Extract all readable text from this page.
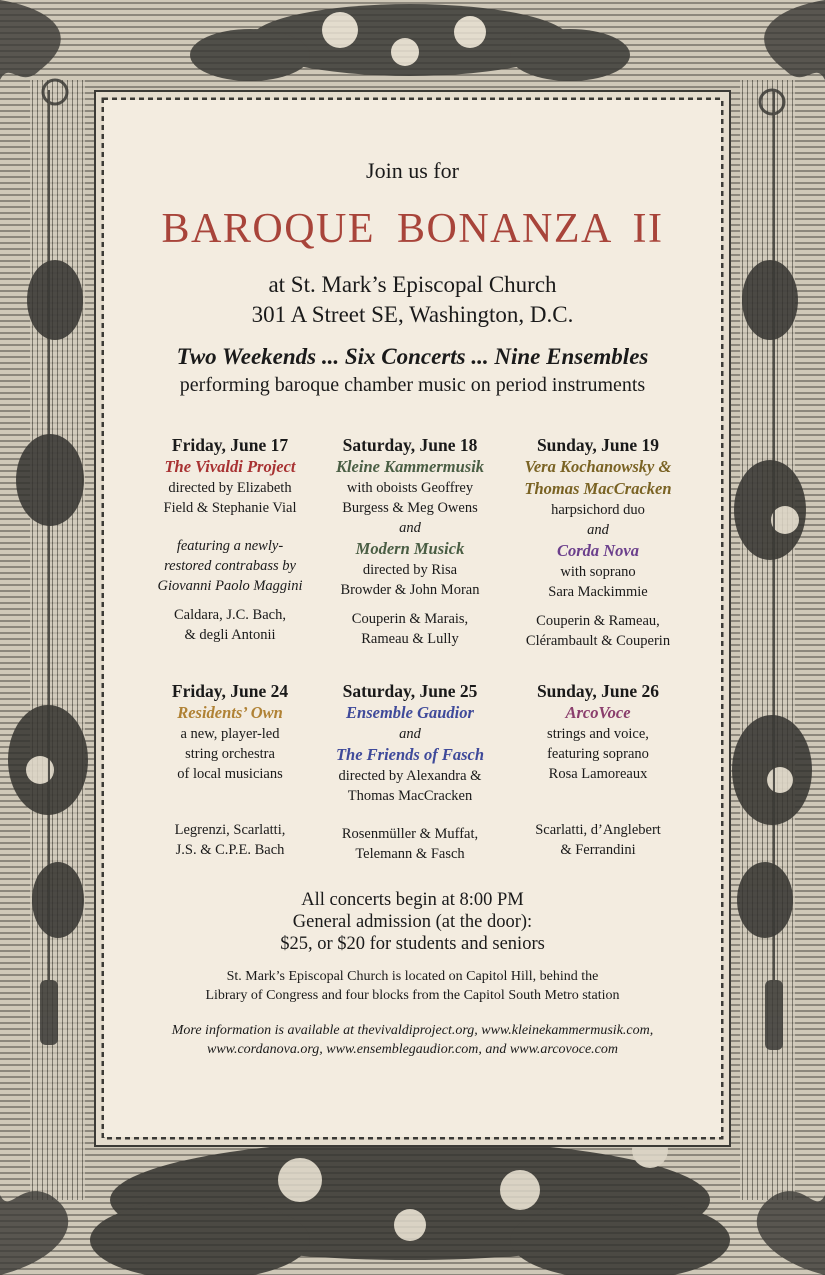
Join us for
BAROQUE BONANZA II
at St. Mark’s Episcopal Church
301 A Street SE, Washington, D.C.
Two Weekends ... Six Concerts ... Nine Ensembles
performing baroque chamber music on period instruments
Friday, June 17
The Vivaldi Project
directed by Elizabeth
Field & Stephanie Vial
featuring a newly-
restored contrabass by
Giovanni Paolo Maggini
Caldara, J.C. Bach,
& degli Antonii
Saturday, June 18
Kleine Kammermusik
with oboists Geoffrey
Burgess & Meg Owens
and
Modern Musick
directed by Risa
Browder & John Moran
Couperin & Marais,
Rameau & Lully
Sunday, June 19
Vera Kochanowsky &
Thomas MacCracken
harpsichord duo
and
Corda Nova
with soprano
Sara Mackimmie
Couperin & Rameau,
Clérambault & Couperin
Friday, June 24
Residents’ Own
a new, player-led
string orchestra
of local musicians
Legrenzi, Scarlatti,
J.S. & C.P.E. Bach
Saturday, June 25
Ensemble Gaudior
and
The Friends of Fasch
directed by Alexandra &
Thomas MacCracken
Rosenmüller & Muffat,
Telemann & Fasch
Sunday, June 26
ArcoVoce
strings and voice,
featuring soprano
Rosa Lamoreaux
Scarlatti, d’Anglebert
& Ferrandini
All concerts begin at 8:00 PM
General admission (at the door):
$25, or $20 for students and seniors
St. Mark’s Episcopal Church is located on Capitol Hill, behind the
Library of Congress and four blocks from the Capitol South Metro station
More information is available at thevivaldiproject.org, www.kleinekammermusik.com,
www.cordanova.org, www.ensemblegaudior.com, and www.arcovoce.com
